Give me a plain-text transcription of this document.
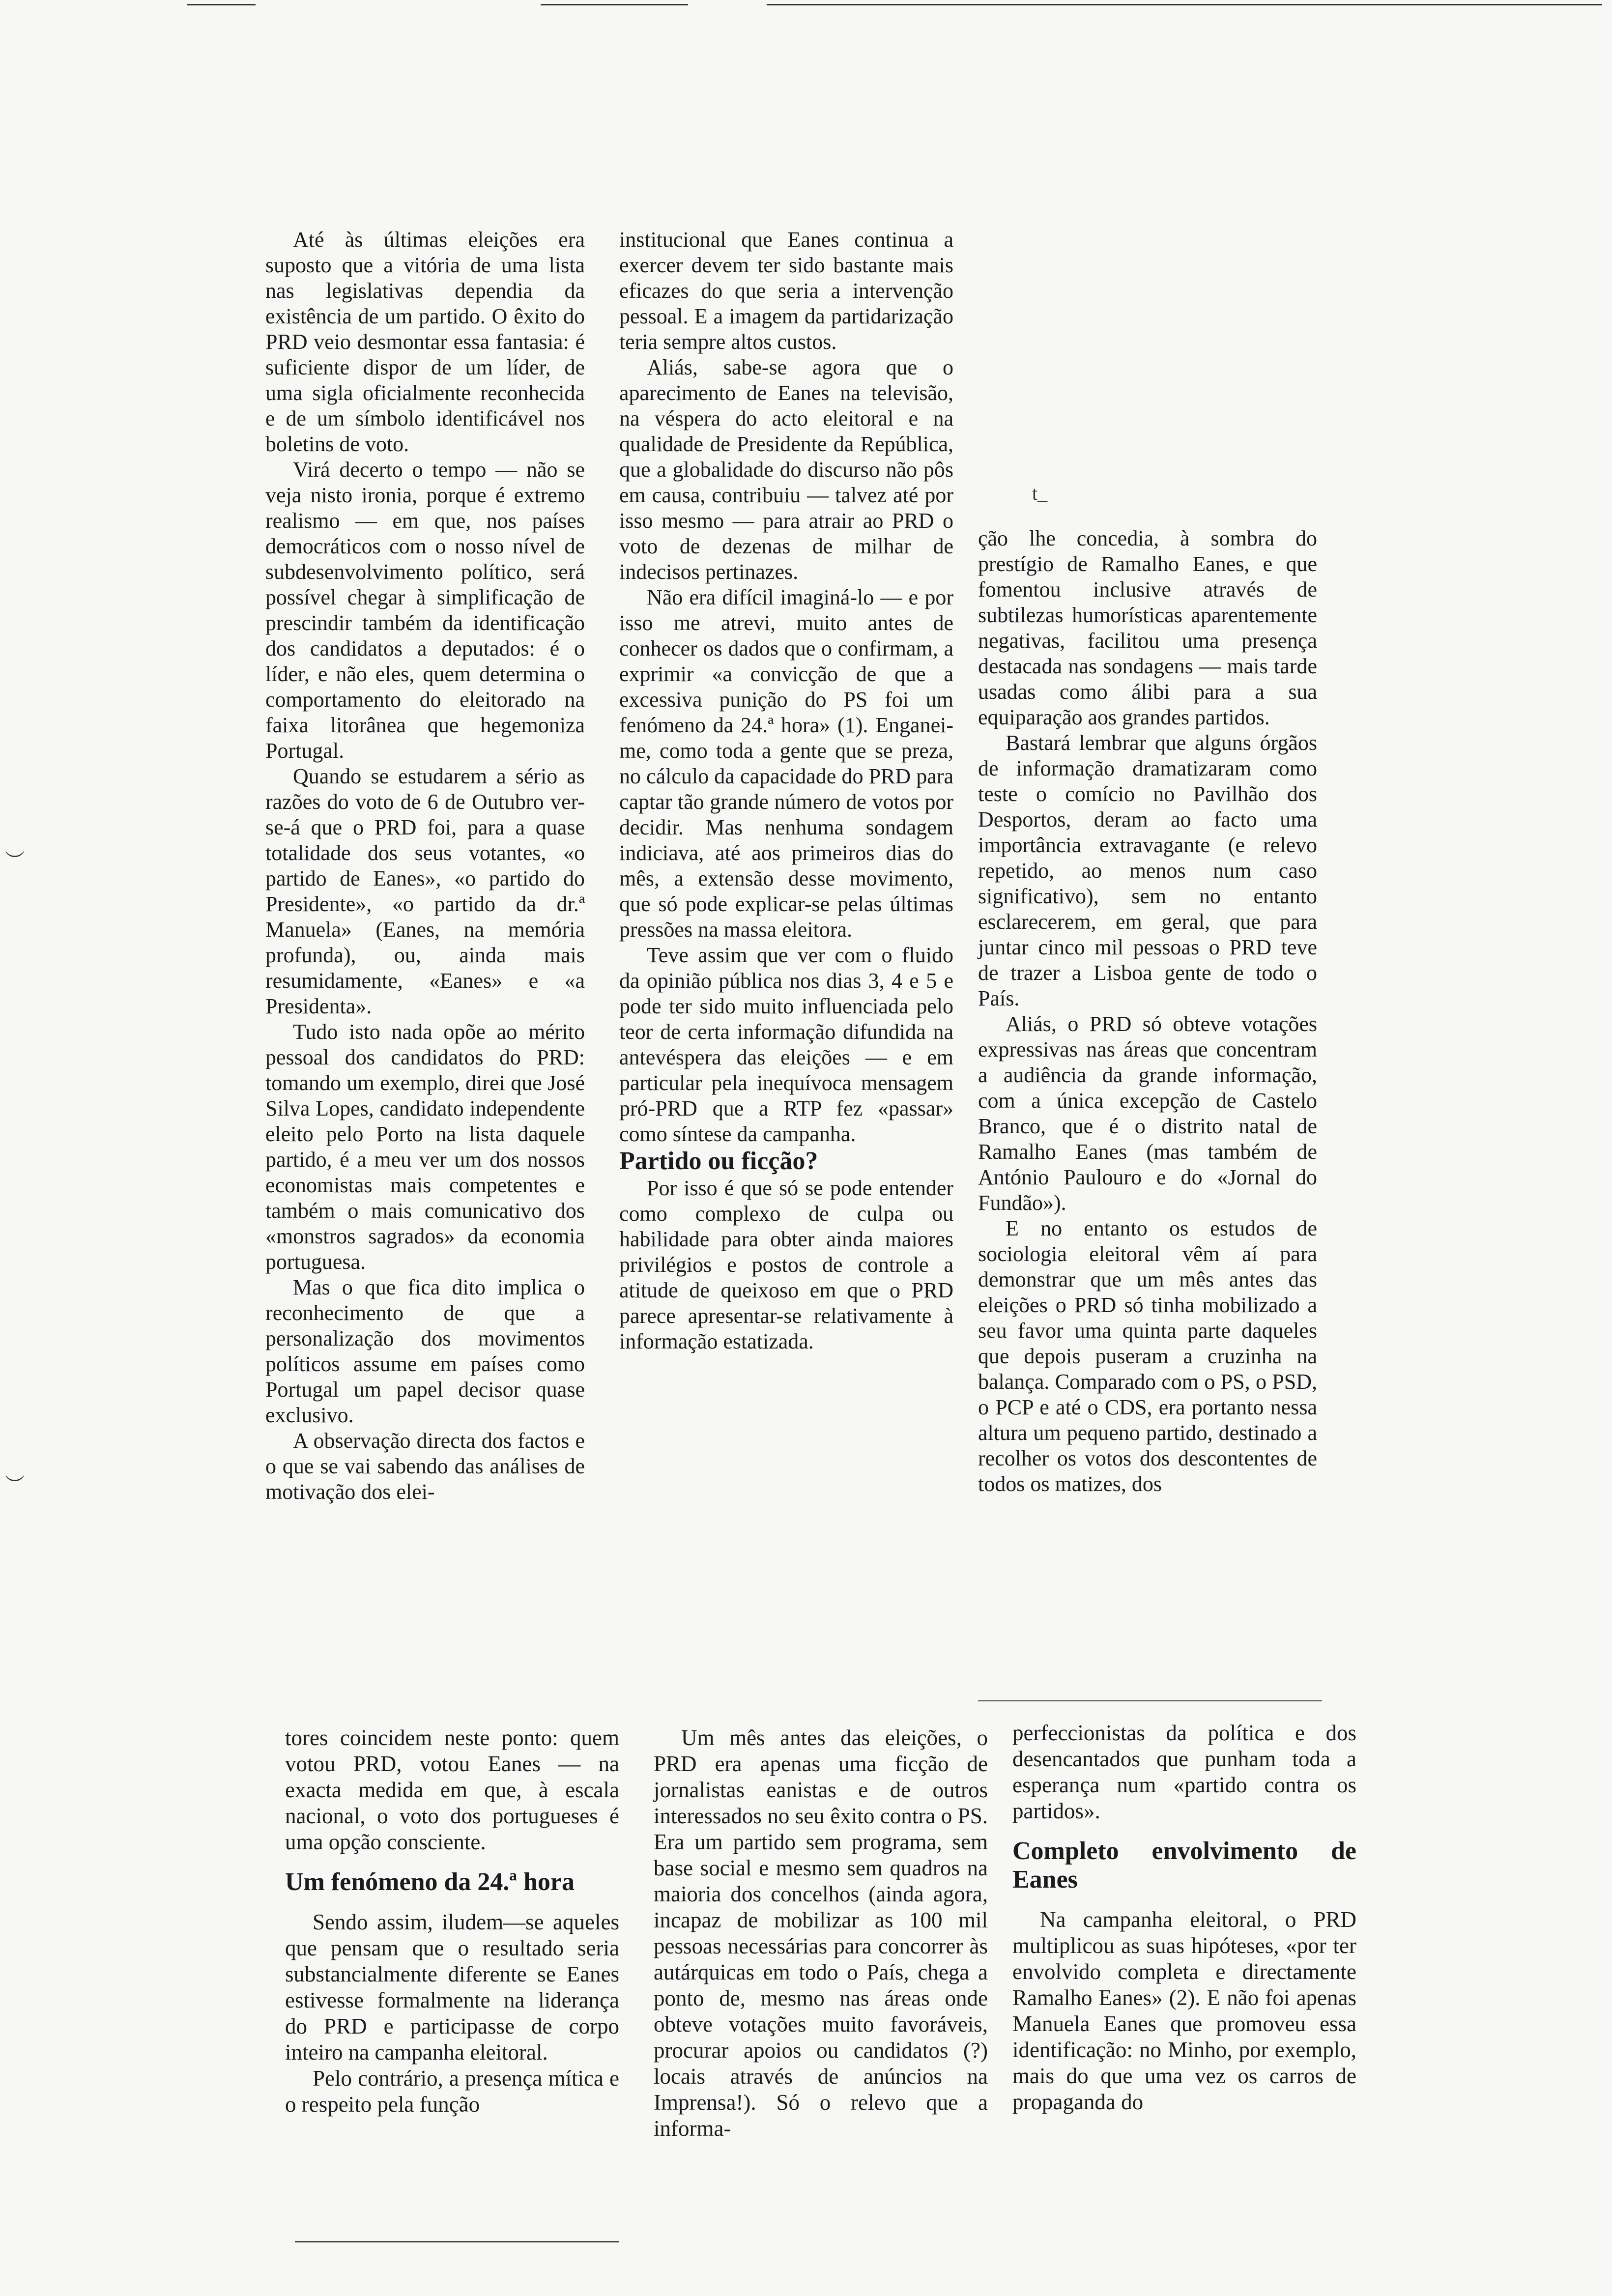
︶
︶

Até às últimas eleições era suposto que a vitória de uma lista nas legislativas dependia da existência de um partido. O êxito do PRD veio desmontar essa fantasia: é suficiente dispor de um líder, de uma sigla oficialmente reconhecida e de um símbolo identificável nos boletins de voto.

Virá decerto o tempo — não se veja nisto ironia, porque é extremo realismo — em que, nos países democráticos com o nosso nível de subdesenvolvimento político, será possível chegar à simplificação de prescindir também da identificação dos candidatos a deputados: é o líder, e não eles, quem determina o comportamento do eleitorado na faixa litorânea que hegemoniza Portugal.

Quando se estudarem a sério as razões do voto de 6 de Outubro ver-se-á que o PRD foi, para a quase totalidade dos seus votantes, «o partido de Eanes», «o partido do Presidente», «o partido da dr.ª Manuela» (Eanes, na memória profunda), ou, ainda mais resumidamente, «Eanes» e «a Presidenta».

Tudo isto nada opõe ao mérito pessoal dos candidatos do PRD: tomando um exemplo, direi que José Silva Lopes, candidato independente eleito pelo Porto na lista daquele partido, é a meu ver um dos nossos economistas mais competentes e também o mais comunicativo dos «monstros sagrados» da economia portuguesa.

Mas o que fica dito implica o reconhecimento de que a personalização dos movimentos políticos assume em países como Portugal um papel decisor quase exclusivo.

A observação directa dos factos e o que se vai sabendo das análises de motivação dos elei-

institucional que Eanes continua a exercer devem ter sido bastante mais eficazes do que seria a intervenção pessoal. E a imagem da partidarização teria sempre altos custos.

Aliás, sabe-se agora que o aparecimento de Eanes na televisão, na véspera do acto eleitoral e na qualidade de Presidente da República, que a globalidade do discurso não pôs em causa, contribuiu — talvez até por isso mesmo — para atrair ao PRD o voto de dezenas de milhar de indecisos pertinazes.

Não era difícil imaginá-lo — e por isso me atrevi, muito antes de conhecer os dados que o confirmam, a exprimir «a convicção de que a excessiva punição do PS foi um fenómeno da 24.ª hora» (1). Enganei-me, como toda a gente que se preza, no cálculo da capacidade do PRD para captar tão grande número de votos por decidir. Mas nenhuma sondagem indiciava, até aos primeiros dias do mês, a extensão desse movimento, que só pode explicar-se pelas últimas pressões na massa eleitora.

Teve assim que ver com o fluido da opinião pública nos dias 3, 4 e 5 e pode ter sido muito influenciada pelo teor de certa informação difundida na antevéspera das eleições — e em particular pela inequívoca mensagem pró-PRD que a RTP fez «passar» como síntese da campanha.

Partido ou ficção?

Por isso é que só se pode entender como complexo de culpa ou habilidade para obter ainda maiores privilégios e postos de controle a atitude de queixoso em que o PRD parece apresentar-se relativamente à informação estatizada.

t_

ção lhe concedia, à sombra do prestígio de Ramalho Eanes, e que fomentou inclusive através de subtilezas humorísticas aparentemente negativas, facilitou uma presença destacada nas sondagens — mais tarde usadas como álibi para a sua equiparação aos grandes partidos.

Bastará lembrar que alguns órgãos de informação dramatizaram como teste o comício no Pavilhão dos Desportos, deram ao facto uma importância extravagante (e relevo repetido, ao menos num caso significativo), sem no entanto esclarecerem, em geral, que para juntar cinco mil pessoas o PRD teve de trazer a Lisboa gente de todo o País.

Aliás, o PRD só obteve votações expressivas nas áreas que concentram a audiência da grande informação, com a única excepção de Castelo Branco, que é o distrito natal de Ramalho Eanes (mas também de António Paulouro e do «Jornal do Fundão»).

E no entanto os estudos de sociologia eleitoral vêm aí para demonstrar que um mês antes das eleições o PRD só tinha mobilizado a seu favor uma quinta parte daqueles que depois puseram a cruzinha na balança. Comparado com o PS, o PSD, o PCP e até o CDS, era portanto nessa altura um pequeno partido, destinado a recolher os votos dos descontentes de todos os matizes, dos

tores coincidem neste ponto: quem votou PRD, votou Eanes — na exacta medida em que, à escala nacional, o voto dos portugueses é uma opção consciente.

Um fenómeno da 24.ª hora

Sendo assim, iludem—se aqueles que pensam que o resultado seria substancialmente diferente se Eanes estivesse formalmente na liderança do PRD e participasse de corpo inteiro na campanha eleitoral.

Pelo contrário, a presença mítica e o respeito pela função

Um mês antes das eleições, o PRD era apenas uma ficção de jornalistas eanistas e de outros interessados no seu êxito contra o PS. Era um partido sem programa, sem base social e mesmo sem quadros na maioria dos concelhos (ainda agora, incapaz de mobilizar as 100 mil pessoas necessárias para concorrer às autárquicas em todo o País, chega a ponto de, mesmo nas áreas onde obteve votações muito favoráveis, procurar apoios ou candidatos (?) locais através de anúncios na Imprensa!). Só o relevo que a informa-

perfeccionistas da política e dos desencantados que punham toda a esperança num «partido contra os partidos».

Completo envolvimento de Eanes

Na campanha eleitoral, o PRD multiplicou as suas hipóteses, «por ter envolvido completa e directamente Ramalho Eanes» (2). E não foi apenas Manuela Eanes que promoveu essa identificação: no Minho, por exemplo, mais do que uma vez os carros de propaganda do
